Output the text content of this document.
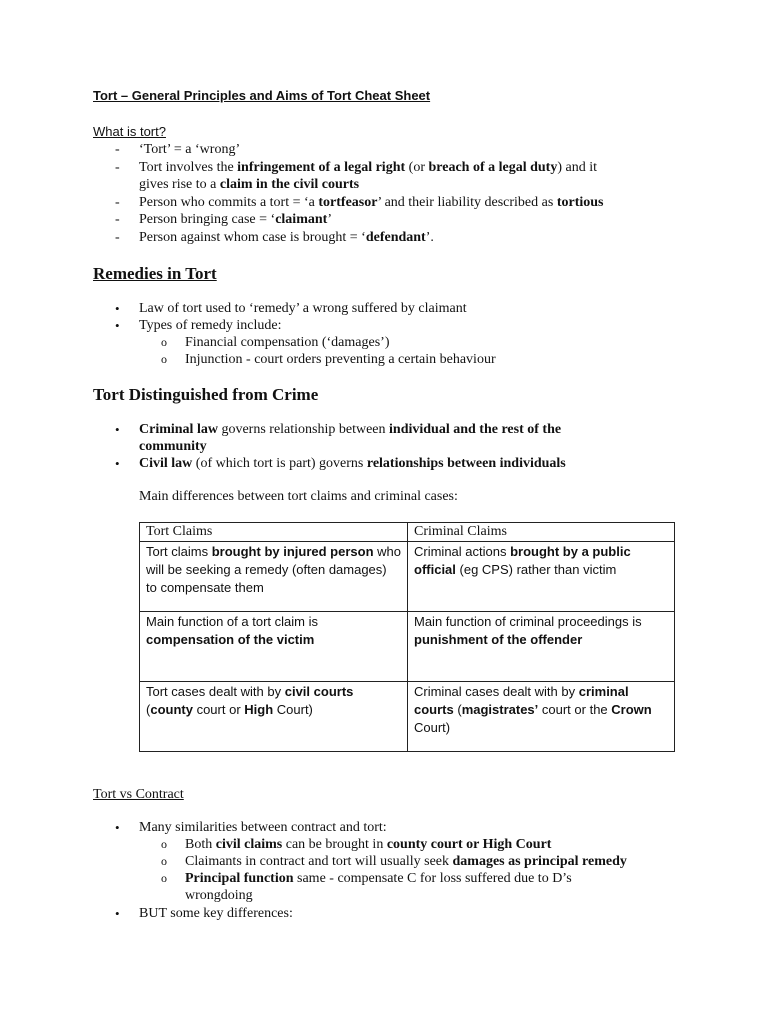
Tort – General Principles and Aims of Tort Cheat Sheet
What is tort?
- ‘Tort’ = a ‘wrong’
- Tort involves the infringement of a legal right (or breach of a legal duty) and it
gives rise to a claim in the civil courts
- Person who commits a tort = ‘a tortfeasor’ and their liability described as tortious
- Person bringing case = ‘claimant’
- Person against whom case is brought = ‘defendant’.
Remedies in Tort
• Law of tort used to ‘remedy’ a wrong suffered by claimant
• Types of remedy include:
o Financial compensation (‘damages’)
o Injunction - court orders preventing a certain behaviour
Tort Distinguished from Crime
• Criminal law governs relationship between individual and the rest of the
community
• Civil law (of which tort is part) governs relationships between individuals
Main differences between tort claims and criminal cases:
Tort Claims	Criminal Claims
Tort claims brought by injured person who will be seeking a remedy (often damages) to compensate them	Criminal actions brought by a public official (eg CPS) rather than victim
Main function of a tort claim is compensation of the victim	Main function of criminal proceedings is punishment of the offender
Tort cases dealt with by civil courts (county court or High Court)	Criminal cases dealt with by criminal courts (magistrates’ court or the Crown Court)
Tort vs Contract
• Many similarities between contract and tort:
o Both civil claims can be brought in county court or High Court
o Claimants in contract and tort will usually seek damages as principal remedy
o Principal function same - compensate C for loss suffered due to D’s
wrongdoing
• BUT some key differences:
